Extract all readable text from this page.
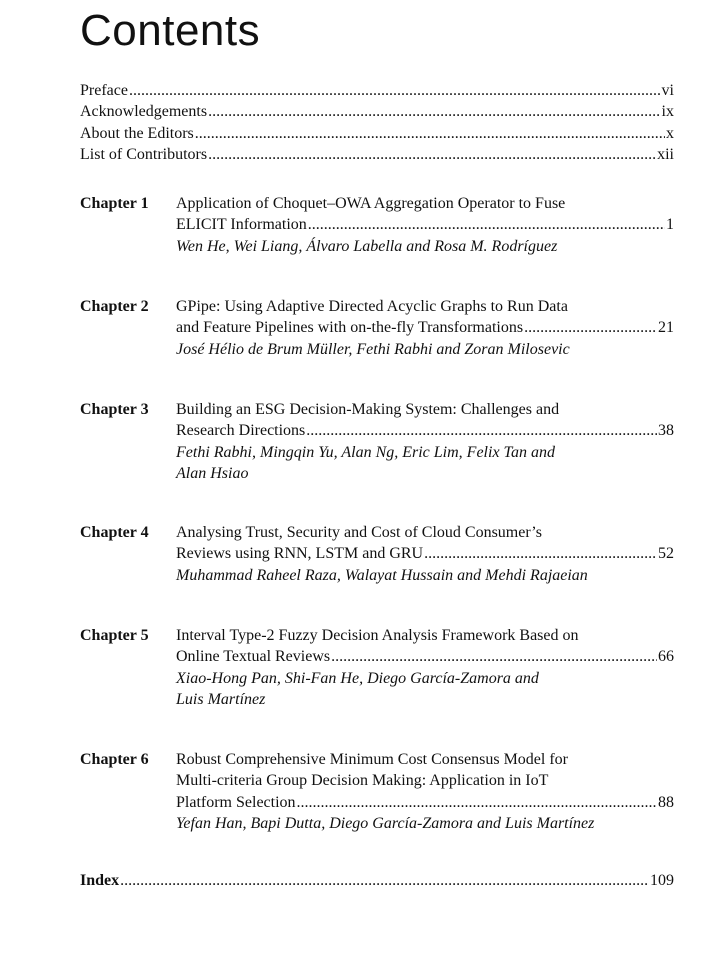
Contents
Preface .....	vi
Acknowledgements .....	ix
About the Editors .....	x
List of Contributors .....	xii
Chapter 1 Application of Choquet–OWA Aggregation Operator to Fuse
ELICIT Information .....	1
Wen He, Wei Liang, Álvaro Labella and Rosa M. Rodríguez
Chapter 2 GPipe: Using Adaptive Directed Acyclic Graphs to Run Data
and Feature Pipelines with on-the-fly Transformations .....	21
José Hélio de Brum Müller, Fethi Rabhi and Zoran Milosevic
Chapter 3 Building an ESG Decision-Making System: Challenges and
Research Directions .....	38
Fethi Rabhi, Mingqin Yu, Alan Ng, Eric Lim, Felix Tan and
Alan Hsiao
Chapter 4 Analysing Trust, Security and Cost of Cloud Consumer’s
Reviews using RNN, LSTM and GRU .....	52
Muhammad Raheel Raza, Walayat Hussain and Mehdi Rajaeian
Chapter 5 Interval Type-2 Fuzzy Decision Analysis Framework Based on
Online Textual Reviews .....	66
Xiao-Hong Pan, Shi-Fan He, Diego García-Zamora and
Luis Martínez
Chapter 6 Robust Comprehensive Minimum Cost Consensus Model for
Multi-criteria Group Decision Making: Application in IoT
Platform Selection .....	88
Yefan Han, Bapi Dutta, Diego García-Zamora and Luis Martínez
Index .....	109
